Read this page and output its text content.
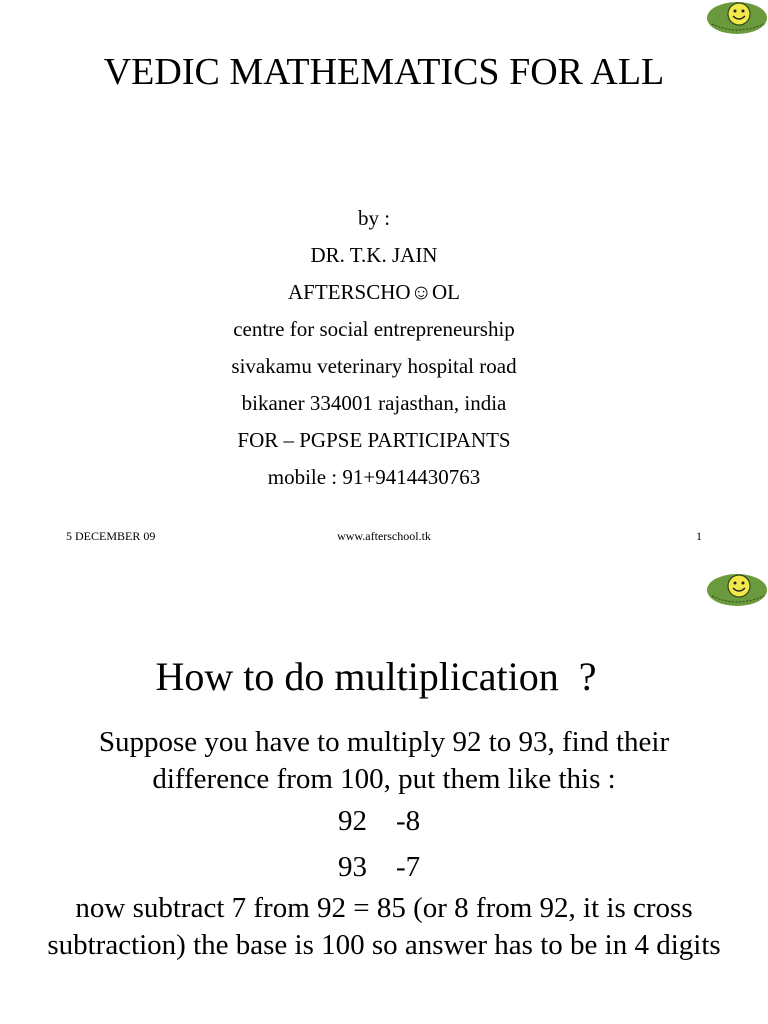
VEDIC MATHEMATICS FOR ALL
by :
DR. T.K. JAIN
AFTERSCHO☺OL
centre for social entrepreneurship
sivakamu veterinary hospital road
bikaner 334001 rajasthan, india
FOR – PGPSE PARTICIPANTS
mobile : 91+9414430763
5 DECEMBER 09	www.afterschool.tk	1
How to do multiplication  ?
Suppose you have to multiply 92 to 93, find their difference from 100, put them like this :
92 -8
93 -7
now subtract 7 from 92 = 85 (or 8 from 92, it is cross subtraction) the base is 100 so answer has to be in 4 digits
